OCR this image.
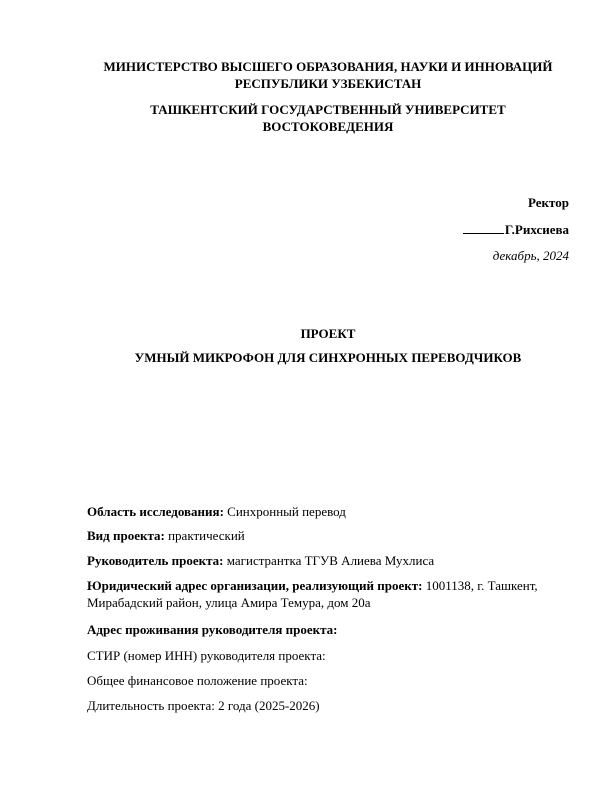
МИНИСТЕРСТВО ВЫСШЕГО ОБРАЗОВАНИЯ, НАУКИ И ИННОВАЦИЙ РЕСПУБЛИКИ УЗБЕКИСТАН
ТАШКЕНТСКИЙ ГОСУДАРСТВЕННЫЙ УНИВЕРСИТЕТ ВОСТОКОВЕДЕНИЯ
Ректор
Г.Рихсиева
декабрь, 2024
ПРОЕКТ
УМНЫЙ МИКРОФОН ДЛЯ СИНХРОННЫХ ПЕРЕВОДЧИКОВ
Область исследования: Синхронный перевод
Вид проекта: практический
Руководитель проекта: магистрантка ТГУВ Алиева Мухлиса
Юридический адрес организации, реализующий проект: 1001138, г. Ташкент, Мирабадский район, улица Амира Темура, дом 20а
Адрес проживания руководителя проекта:
СТИР (номер ИНН) руководителя проекта:
Общее финансовое положение проекта:
Длительность проекта: 2 года (2025-2026)
